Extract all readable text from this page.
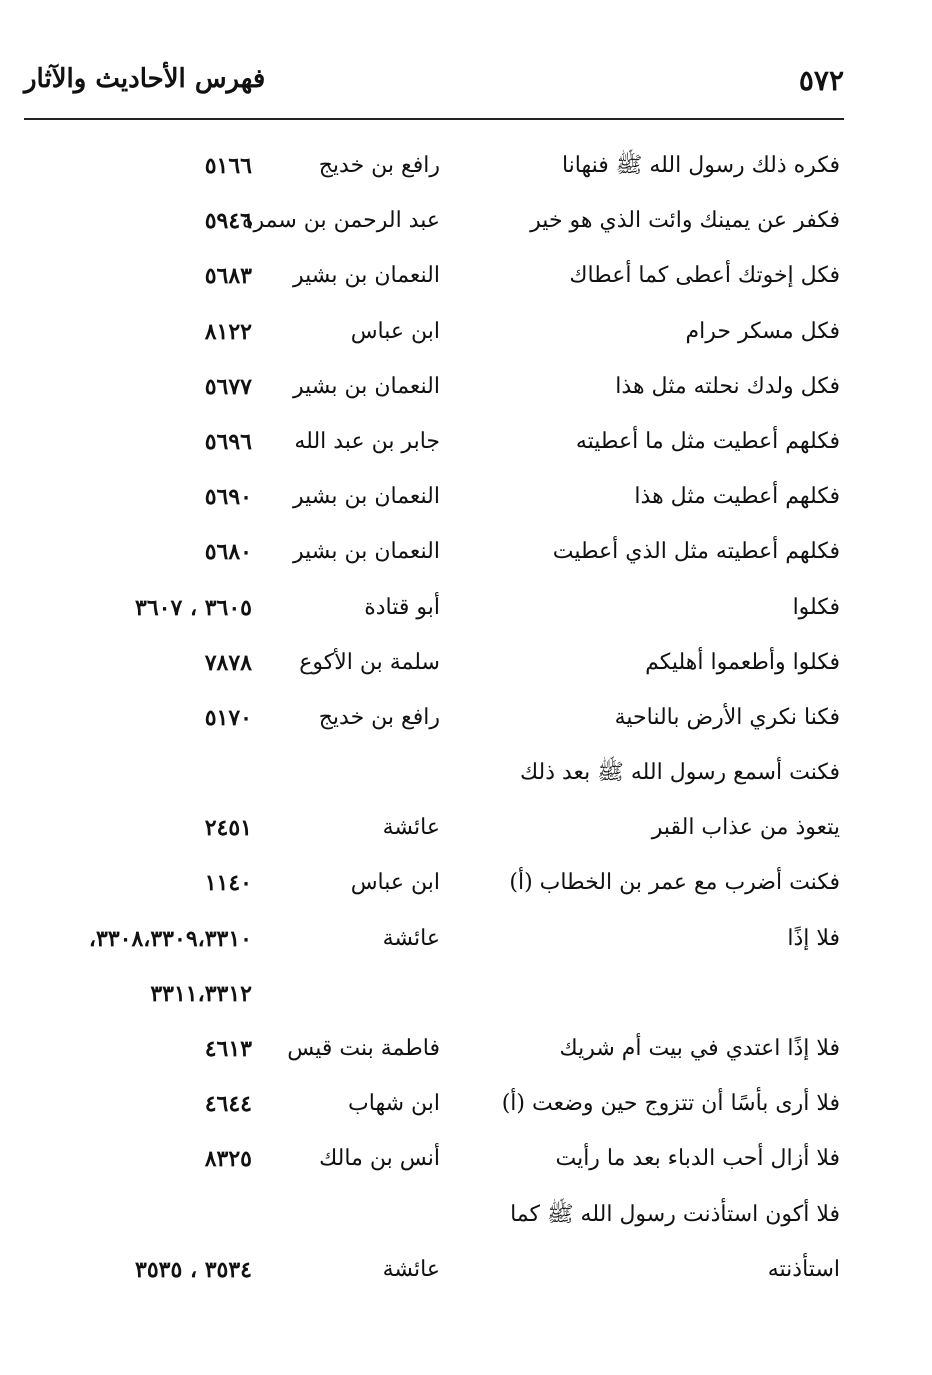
٥٧٢
فهرس الأحاديث والآثار
فكره ذلك رسول الله ﷺ فنهانا
رافع بن خديج
٥١٦٦
فكفر عن يمينك وائت الذي هو خير
عبد الرحمن بن سمرة
٥٩٤٦
فكل إخوتك أعطى كما أعطاك
النعمان بن بشير
٥٦٨٣
فكل مسكر حرام
ابن عباس
٨١٢٢
فكل ولدك نحلته مثل هذا
النعمان بن بشير
٥٦٧٧
فكلهم أعطيت مثل ما أعطيته
جابر بن عبد الله
٥٦٩٦
فكلهم أعطيت مثل هذا
النعمان بن بشير
٥٦٩٠
فكلهم أعطيته مثل الذي أعطيت
النعمان بن بشير
٥٦٨٠
فكلوا
أبو قتادة
٣٦٠٥ ، ٣٦٠٧
فكلوا وأطعموا أهليكم
سلمة بن الأكوع
٧٨٧٨
فكنا نكري الأرض بالناحية
رافع بن خديج
٥١٧٠
فكنت أسمع رسول الله ﷺ بعد ذلك
يتعوذ من عذاب القبر
عائشة
٢٤٥١
فكنت أضرب مع عمر بن الخطاب (أ)
ابن عباس
١١٤٠
فلا إذًا
عائشة
٣٣٠٨،٣٣٠٩،٣٣١٠،
٣٣١١،٣٣١٢
فلا إذًا اعتدي في بيت أم شريك
فاطمة بنت قيس
٤٦١٣
فلا أرى بأسًا أن تتزوج حين وضعت (أ)
ابن شهاب
٤٦٤٤
فلا أزال أحب الدباء بعد ما رأيت
أنس بن مالك
٨٣٢٥
فلا أكون استأذنت رسول الله ﷺ كما
استأذنته
عائشة
٣٥٣٤ ، ٣٥٣٥
